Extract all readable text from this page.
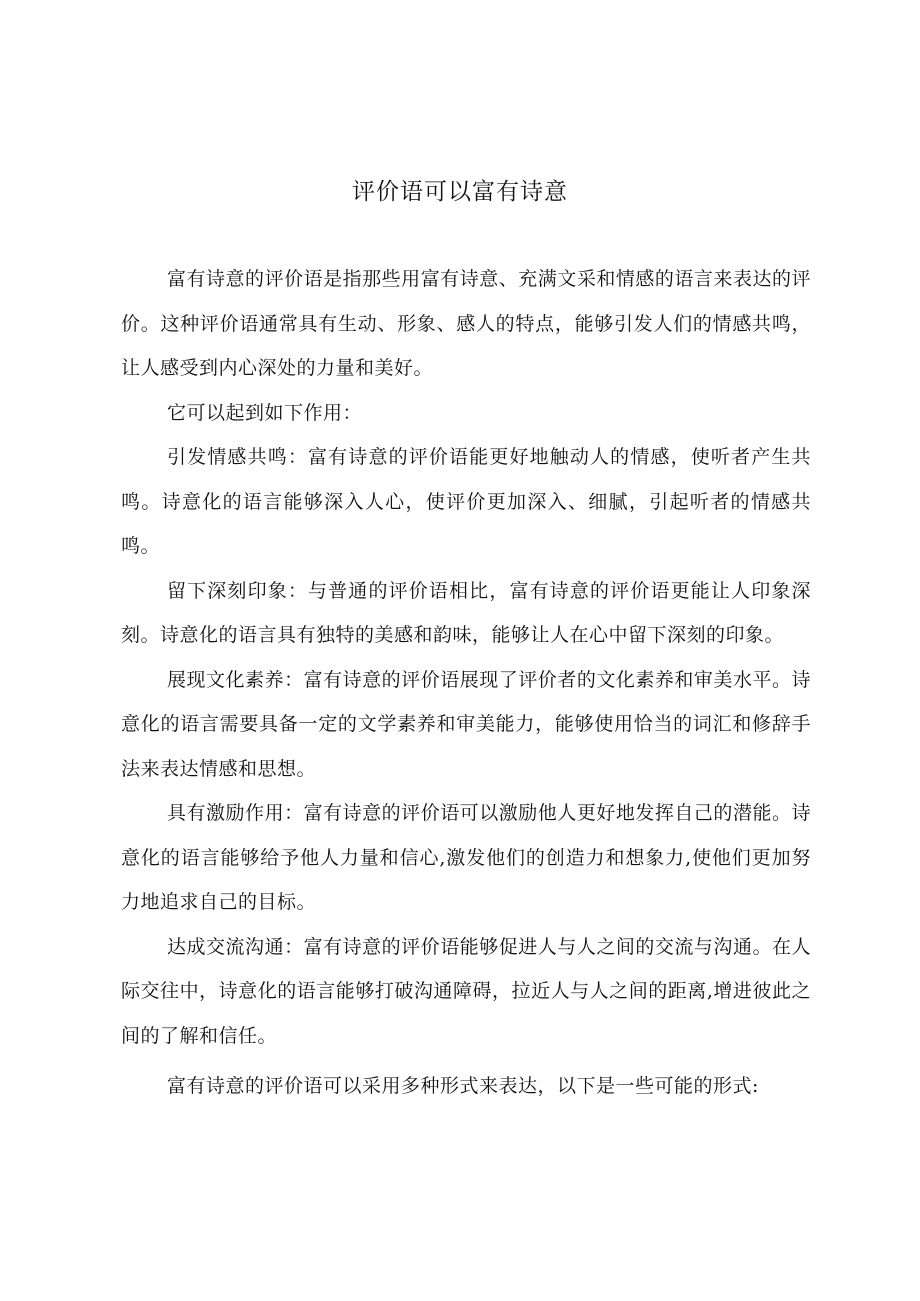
评价语可以富有诗意

富有诗意的评价语是指那些用富有诗意、充满文采和情感的语言来表达的评价。这种评价语通常具有生动、形象、感人的特点，能够引发人们的情感共鸣，让人感受到内心深处的力量和美好。

它可以起到如下作用：

引发情感共鸣：富有诗意的评价语能更好地触动人的情感，使听者产生共鸣。诗意化的语言能够深入人心，使评价更加深入、细腻，引起听者的情感共鸣。

留下深刻印象：与普通的评价语相比，富有诗意的评价语更能让人印象深刻。诗意化的语言具有独特的美感和韵味，能够让人在心中留下深刻的印象。

展现文化素养：富有诗意的评价语展现了评价者的文化素养和审美水平。诗意化的语言需要具备一定的文学素养和审美能力，能够使用恰当的词汇和修辞手法来表达情感和思想。

具有激励作用：富有诗意的评价语可以激励他人更好地发挥自己的潜能。诗意化的语言能够给予他人力量和信心,激发他们的创造力和想象力,使他们更加努力地追求自己的目标。

达成交流沟通：富有诗意的评价语能够促进人与人之间的交流与沟通。在人际交往中，诗意化的语言能够打破沟通障碍，拉近人与人之间的距离,增进彼此之间的了解和信任。

富有诗意的评价语可以采用多种形式来表达，以下是一些可能的形式:
